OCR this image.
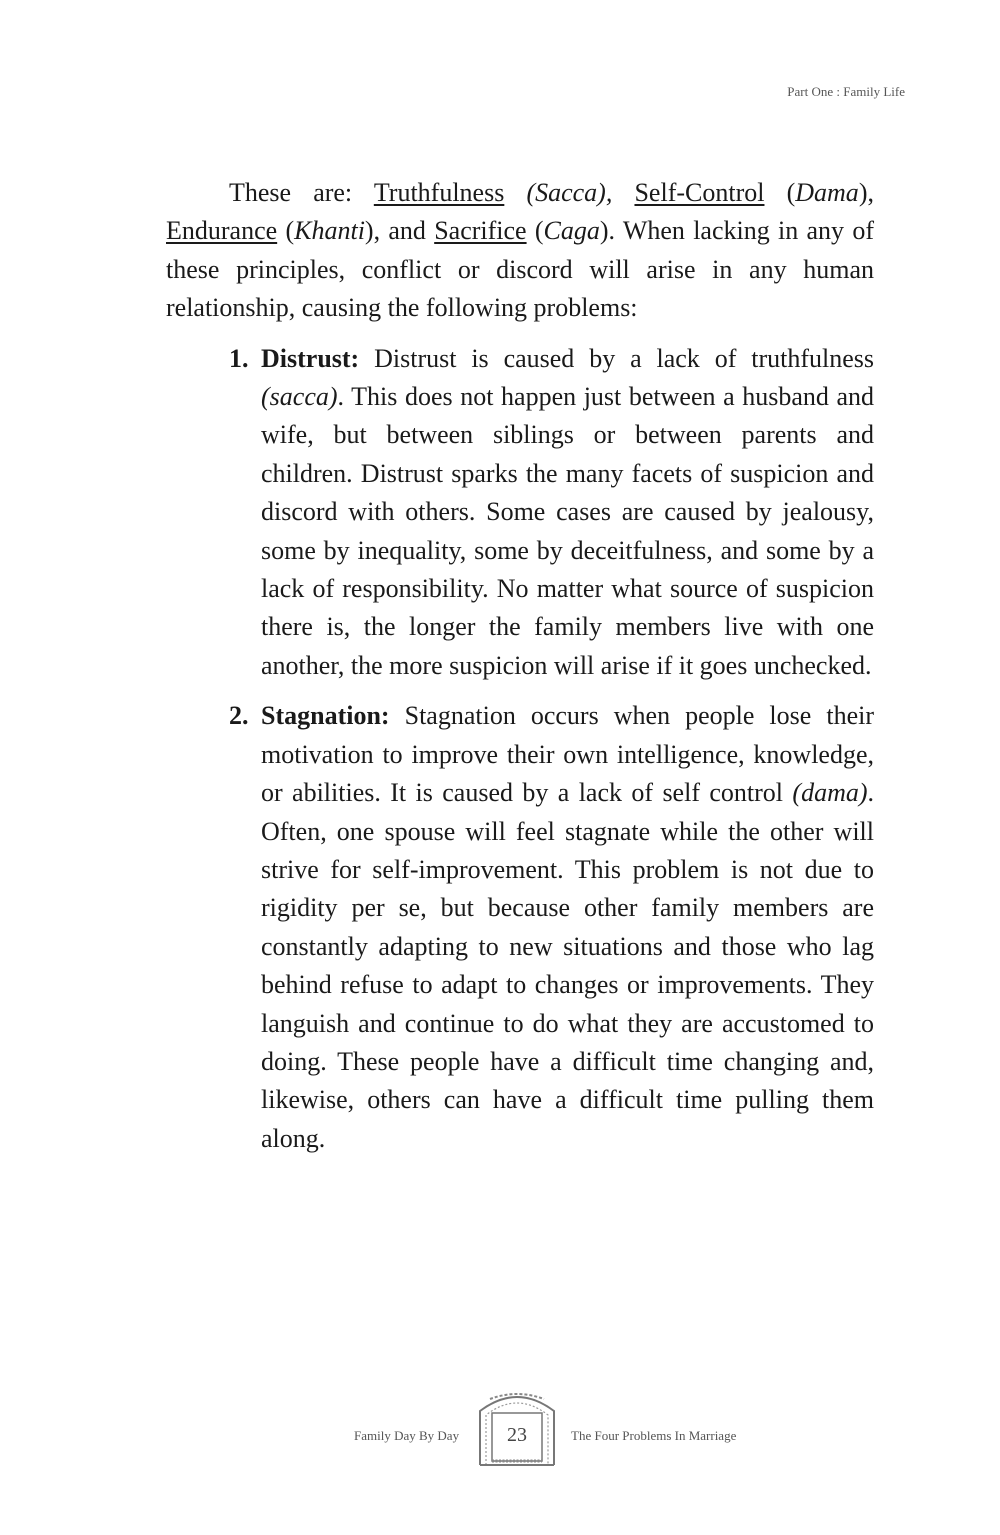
Part One : Family Life

These are: Truthfulness (Sacca), Self-Control (Dama), Endurance (Khanti), and Sacrifice (Caga). When lacking in any of these principles, conflict or discord will arise in any human relationship, causing the following problems:

1. Distrust: Distrust is caused by a lack of truthfulness (sacca). This does not happen just between a husband and wife, but between siblings or between parents and children. Distrust sparks the many facets of suspicion and discord with others. Some cases are caused by jealousy, some by inequality, some by deceitfulness, and some by a lack of responsibility. No matter what source of suspicion there is, the longer the family members live with one another, the more suspicion will arise if it goes unchecked.
2. Stagnation: Stagnation occurs when people lose their motivation to improve their own intelligence, knowledge, or abilities. It is caused by a lack of self control (dama). Often, one spouse will feel stagnate while the other will strive for self-improvement. This problem is not due to rigidity per se, but because other family members are constantly adapting to new situations and those who lag behind refuse to adapt to changes or improvements. They languish and continue to do what they are accustomed to doing. These people have a difficult time changing and, likewise, others can have a difficult time pulling them along.
Family Day By Day	23	The Four Problems In Marriage
